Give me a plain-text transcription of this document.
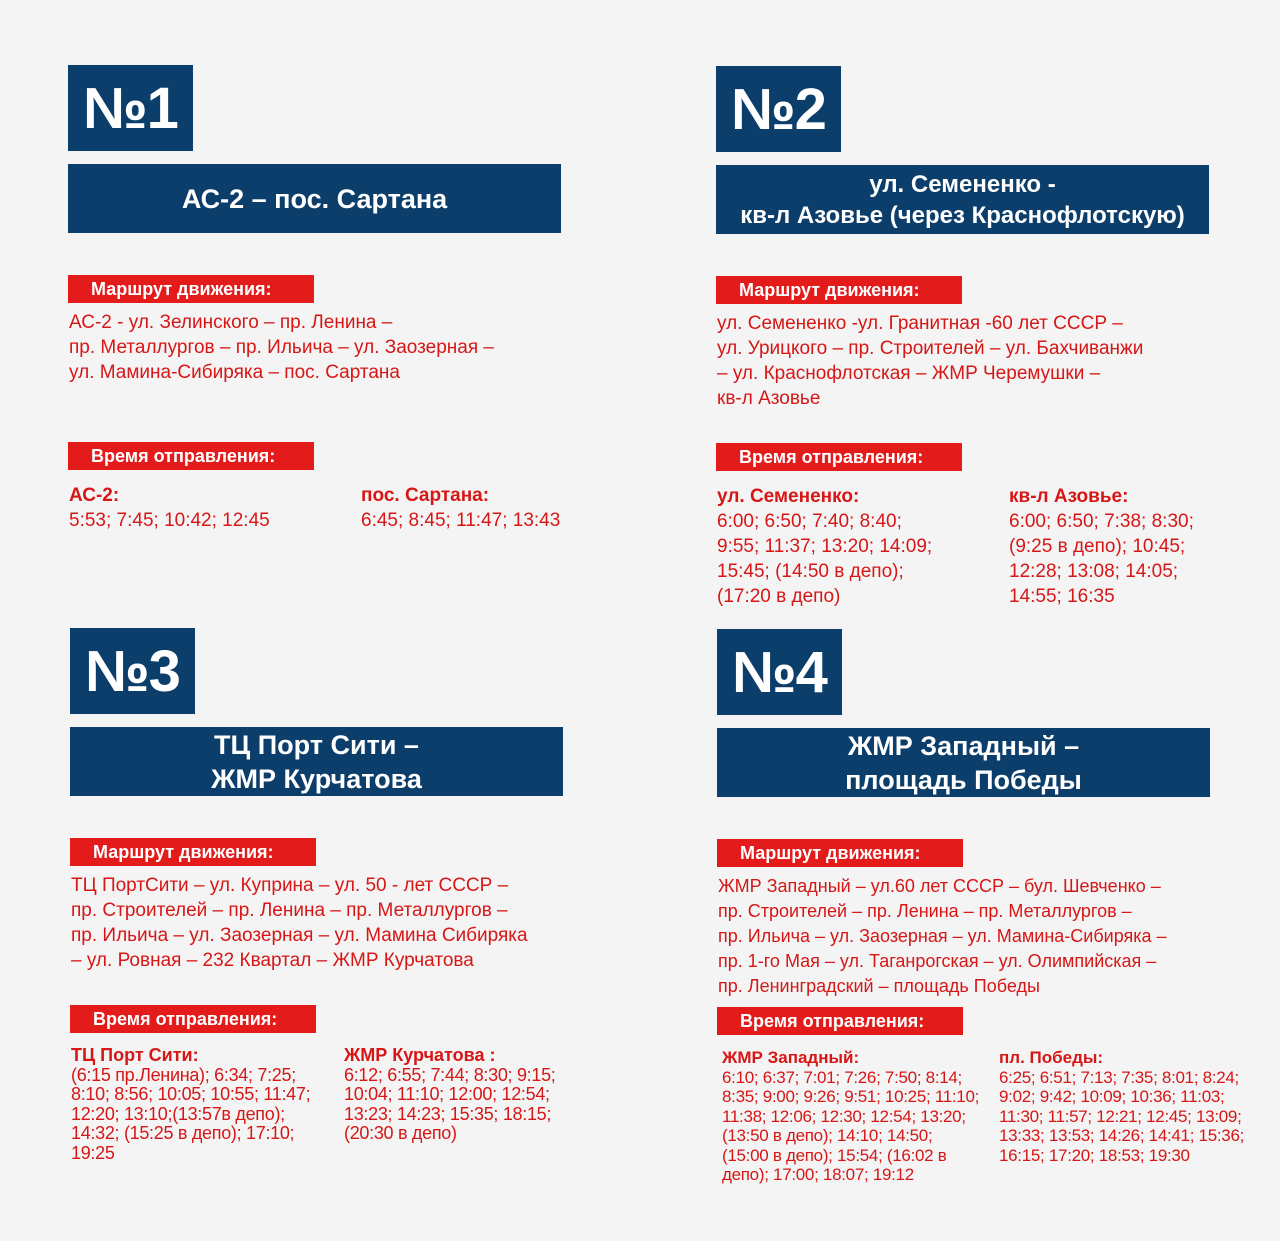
№1
АС-2 – пос. Сартана
Маршрут движения:
АС-2 - ул. Зелинского – пр. Ленина –
пр. Металлургов – пр. Ильича – ул. Заозерная –
ул. Мамина-Сибиряка – пос. Сартана
Время отправления:
АС-2:
5:53; 7:45; 10:42; 12:45
пос. Сартана:
6:45; 8:45; 11:47; 13:43
№2
ул. Семененко -
кв-л Азовье (через Краснофлотскую)
Маршрут движения:
ул. Семененко -ул. Гранитная -60 лет СССР –
ул. Урицкого – пр. Строителей – ул. Бахчиванжи
– ул. Краснофлотская – ЖМР Черемушки –
кв-л Азовье
Время отправления:
ул. Семененко:
6:00; 6:50; 7:40; 8:40;
9:55; 11:37; 13:20; 14:09;
15:45; (14:50 в депо);
(17:20 в депо)
кв-л Азовье:
6:00; 6:50; 7:38; 8:30;
(9:25 в депо); 10:45;
12:28; 13:08; 14:05;
14:55; 16:35
№3
ТЦ Порт Сити –
ЖМР Курчатова
Маршрут движения:
ТЦ ПортСити – ул. Куприна – ул. 50 - лет СССР –
пр. Строителей – пр. Ленина – пр. Металлургов –
пр. Ильича – ул. Заозерная – ул. Мамина Сибиряка
– ул. Ровная – 232 Квартал – ЖМР Курчатова
Время отправления:
ТЦ Порт Сити:
(6:15 пр.Ленина); 6:34; 7:25;
8:10; 8:56; 10:05; 10:55; 11:47;
12:20; 13:10;(13:57в депо);
14:32; (15:25 в депо); 17:10;
19:25
ЖМР Курчатова :
6:12; 6:55; 7:44; 8:30; 9:15;
10:04; 11:10; 12:00; 12:54;
13:23; 14:23; 15:35; 18:15;
(20:30 в депо)
№4
ЖМР Западный –
площадь Победы
Маршрут движения:
ЖМР Западный – ул.60 лет СССР – бул. Шевченко –
пр. Строителей – пр. Ленина – пр. Металлургов –
пр. Ильича – ул. Заозерная – ул. Мамина-Сибиряка –
пр. 1-го Мая – ул. Таганрогская – ул. Олимпийская –
пр. Ленинградский – площадь Победы
Время отправления:
ЖМР Западный:
6:10; 6:37; 7:01; 7:26; 7:50; 8:14;
8:35; 9:00; 9:26; 9:51; 10:25; 11:10;
11:38; 12:06; 12:30; 12:54; 13:20;
(13:50 в депо); 14:10; 14:50;
(15:00 в депо); 15:54; (16:02 в
депо); 17:00; 18:07; 19:12
пл. Победы:
6:25; 6:51; 7:13; 7:35; 8:01; 8:24;
9:02; 9:42; 10:09; 10:36; 11:03;
11:30; 11:57; 12:21; 12:45; 13:09;
13:33; 13:53; 14:26; 14:41; 15:36;
16:15; 17:20; 18:53; 19:30
